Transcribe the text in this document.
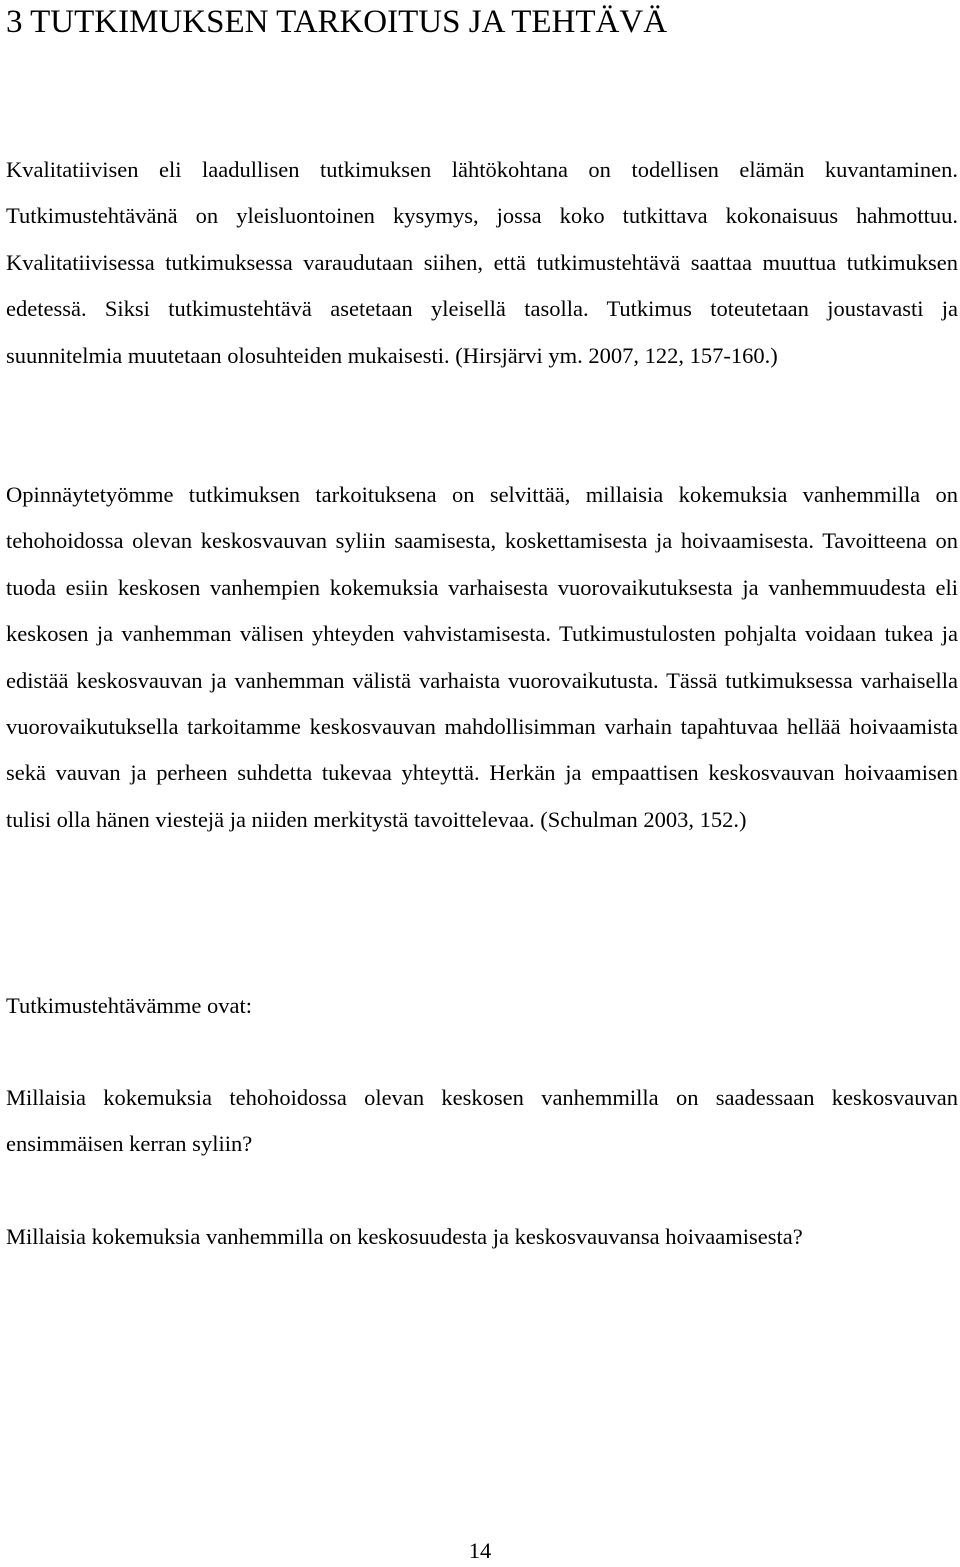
3 TUTKIMUKSEN TARKOITUS JA TEHTÄVÄ

Kvalitatiivisen eli laadullisen tutkimuksen lähtökohtana on todellisen elämän kuvantaminen. Tutkimustehtävänä on yleisluontoinen kysymys, jossa koko tutkittava kokonaisuus hahmottuu. Kvalitatiivisessa tutkimuksessa varaudutaan siihen, että tutkimustehtävä saattaa muuttua tutkimuksen edetessä. Siksi tutkimustehtävä asetetaan yleisellä tasolla. Tutkimus toteutetaan joustavasti ja suunnitelmia muutetaan olosuhteiden mukaisesti. (Hirsjärvi ym. 2007, 122, 157-160.)

Opinnäytetyömme tutkimuksen tarkoituksena on selvittää, millaisia kokemuksia vanhemmilla on tehohoidossa olevan keskosvauvan syliin saamisesta, koskettamisesta ja hoivaamisesta. Tavoitteena on tuoda esiin keskosen vanhempien kokemuksia varhaisesta vuorovaikutuksesta ja vanhemmuudesta eli keskosen ja vanhemman välisen yhteyden vahvistamisesta. Tutkimustulosten pohjalta voidaan tukea ja edistää keskosvauvan ja vanhemman välistä varhaista vuorovaikutusta. Tässä tutkimuksessa varhaisella vuorovaikutuksella tarkoitamme keskosvauvan mahdollisimman varhain tapahtuvaa hellää hoivaamista sekä vauvan ja perheen suhdetta tukevaa yhteyttä. Herkän ja empaattisen keskosvauvan hoivaamisen tulisi olla hänen viestejä ja niiden merkitystä tavoittelevaa. (Schulman 2003, 152.)

Tutkimustehtävämme ovat:

Millaisia kokemuksia tehohoidossa olevan keskosen vanhemmilla on saadessaan keskosvauvan ensimmäisen kerran syliin?

Millaisia kokemuksia vanhemmilla on keskosuudesta ja keskosvauvansa hoivaamisesta?

14
